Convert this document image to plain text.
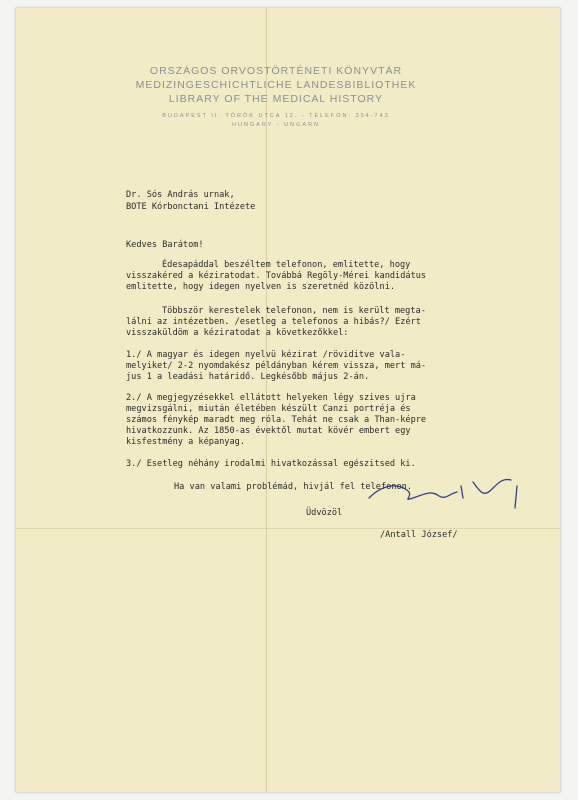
ORSZÁGOS ORVOSTÖRTÉNETI KÖNYVTÁR
MEDIZINGESCHICHTLICHE LANDESBIBLIOTHEK
LIBRARY OF THE MEDICAL HISTORY
BUDAPEST II. TÖRÖK UTCA 12. - TELEFON: 354-743
HUNGARY - UNGARN
Dr. Sós András urnak,
BOTE Kórbonctani Intézete
Kedves Barátom!
Édesapáddal beszéltem telefonon, emlitette, hogy
visszakéred a kéziratodat. Továbbá Regöly-Mérei kandidátus
emlitette, hogy idegen nyelven is szeretnéd közölni.
Többször kerestelek telefonon, nem is került megta-
lálni az intézetben. /esetleg a telefonos a hibás?/ Ezért
visszaküldöm a kéziratodat a következőkkel:
1./ A magyar és idegen nyelvü kézirat /röviditve vala-
melyiket/ 2-2 nyomdakész példányban kérem vissza, mert má-
jus 1 a leadási határidő. Legkésőbb május 2-án.
2./ A megjegyzésekkel ellátott helyeken légy szives ujra
megvizsgálni, miután életében készült Canzi portréja és
számos fénykép maradt meg róla. Tehát ne csak a Than-képre
hivatkozzunk. Az 1850-as évektől mutat kövér embert egy
kisfestmény a képanyag.
3./ Esetleg néhány irodalmi hivatkozással egészitsed ki.
Ha van valami problémád, hivjál fel telefonon.
Üdvözöl
/Antall József/
